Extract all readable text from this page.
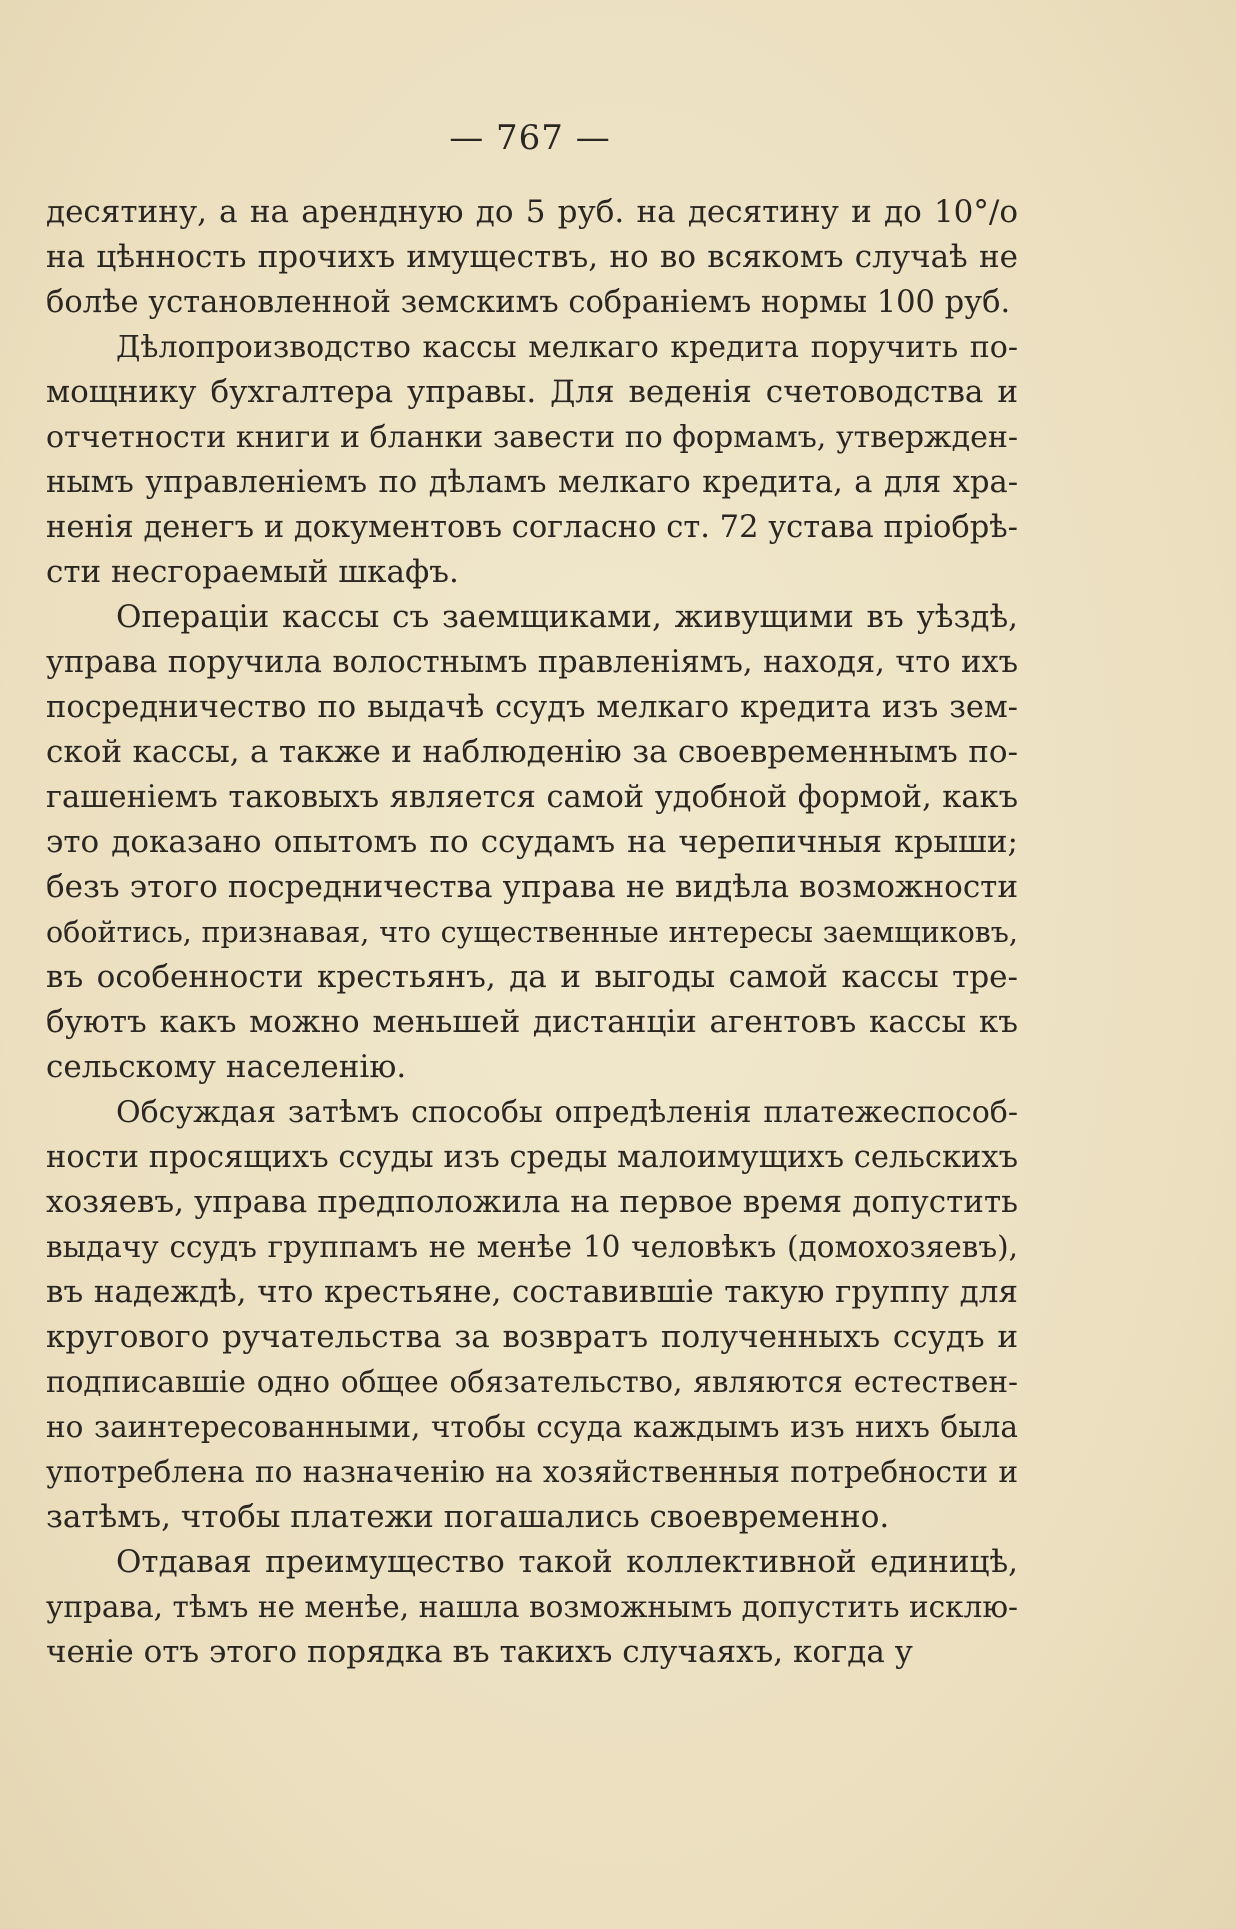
— 767 —
десятину, а на арендную до 5 руб. на десятину и до 10°/о
на цѣнность прочихъ имуществъ, но во всякомъ случаѣ не
болѣе установленной земскимъ собраніемъ нормы 100 руб.
Дѣлопроизводство кассы мелкаго кредита поручить по-
мощнику бухгалтера управы. Для веденія счетоводства и
отчетности книги и бланки завести по формамъ, утвержден-
нымъ управленіемъ по дѣламъ мелкаго кредита, а для хра-
ненія денегъ и документовъ согласно ст. 72 устава пріобрѣ-
сти несгораемый шкафъ.
Операціи кассы съ заемщиками, живущими въ уѣздѣ,
управа поручила волостнымъ правленіямъ, находя, что ихъ
посредничество по выдачѣ ссудъ мелкаго кредита изъ зем-
ской кассы, а также и наблюденію за своевременнымъ по-
гашеніемъ таковыхъ является самой удобной формой, какъ
это доказано опытомъ по ссудамъ на черепичныя крыши;
безъ этого посредничества управа не видѣла возможности
обойтись, признавая, что существенные интересы заемщиковъ,
въ особенности крестьянъ, да и выгоды самой кассы тре-
буютъ какъ можно меньшей дистанціи агентовъ кассы къ
сельскому населенію.
Обсуждая затѣмъ способы опредѣленія платежеспособ-
ности просящихъ ссуды изъ среды малоимущихъ сельскихъ
хозяевъ, управа предположила на первое время допустить
выдачу ссудъ группамъ не менѣе 10 человѣкъ (домохозяевъ),
въ надеждѣ, что крестьяне, составившіе такую группу для
кругового ручательства за возвратъ полученныхъ ссудъ и
подписавшіе одно общее обязательство, являются естествен-
но заинтересованными, чтобы ссуда каждымъ изъ нихъ была
употреблена по назначенію на хозяйственныя потребности и
затѣмъ, чтобы платежи погашались своевременно.
Отдавая преимущество такой коллективной единицѣ,
управа, тѣмъ не менѣе, нашла возможнымъ допустить исклю-
ченіе отъ этого порядка въ такихъ случаяхъ, когда у
